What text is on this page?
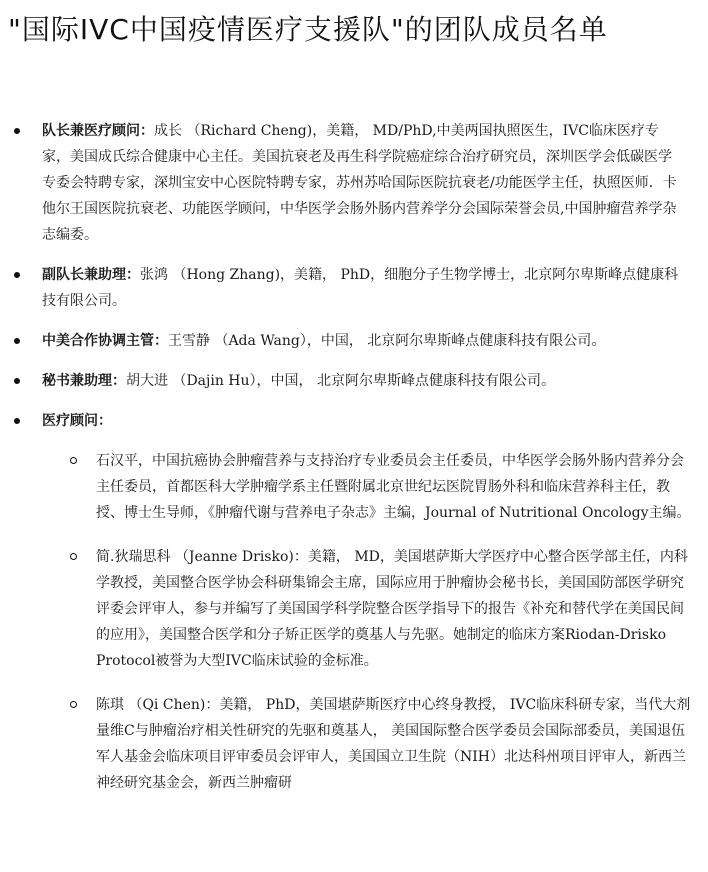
"国际IVC中国疫情医疗支援队"的团队成员名单
队长兼医疗顾问：成长 （Richard Cheng)，美籍， MD/PhD,中美两国执照医生，IVC临床医疗专家，美国成氏综合健康中心主任。美国抗衰老及再生科学院癌症综合治疗研究员，深圳医学会低碳医学专委会特聘专家，深圳宝安中心医院特聘专家，苏州苏哈国际医院抗衰老/功能医学主任，执照医师．卡他尔王国医院抗衰老、功能医学顾问，中华医学会肠外肠内营养学分会国际荣誉会员,中国肿瘤营养学杂志编委。
副队长兼助理：张鸿 （Hong Zhang)，美籍， PhD，细胞分子生物学博士，北京阿尔卑斯峰点健康科技有限公司。
中美合作协调主管：王雪静 （Ada Wang），中国， 北京阿尔卑斯峰点健康科技有限公司。
秘书兼助理：胡大进 （Dajin Hu），中国， 北京阿尔卑斯峰点健康科技有限公司。
医疗顾问：
石汉平，中国抗癌协会肿瘤营养与支持治疗专业委员会主任委员，中华医学会肠外肠内营养分会主任委员，首都医科大学肿瘤学系主任暨附属北京世纪坛医院胃肠外科和临床营养科主任，教授、博士生导师，《肿瘤代谢与营养电子杂志》主编，Journal of Nutritional Oncology主编。
简.狄瑞思科 （Jeanne Drisko)：美籍， MD，美国堪萨斯大学医疗中心整合医学部主任，内科学教授，美国整合医学协会科研集锦会主席，国际应用于肿瘤协会秘书长，美国国防部医学研究评委会评审人，参与并编写了美国国学科学院整合医学指导下的报告《补充和替代学在美国民间的应用》，美国整合医学和分子矫正医学的奠基人与先驱。她制定的临床方案Riodan-Drisko Protocol被誉为大型IVC临床试验的金标准。
陈琪 （Qi Chen)：美籍， PhD，美国堪萨斯医疗中心终身教授， IVC临床科研专家，当代大剂量维C与肿瘤治疗相关性研究的先驱和奠基人， 美国国际整合医学委员会国际部委员，美国退伍军人基金会临床项目评审委员会评审人，美国国立卫生院（NIH）北达科州项目评审人，新西兰神经研究基金会，新西兰肿瘤研
